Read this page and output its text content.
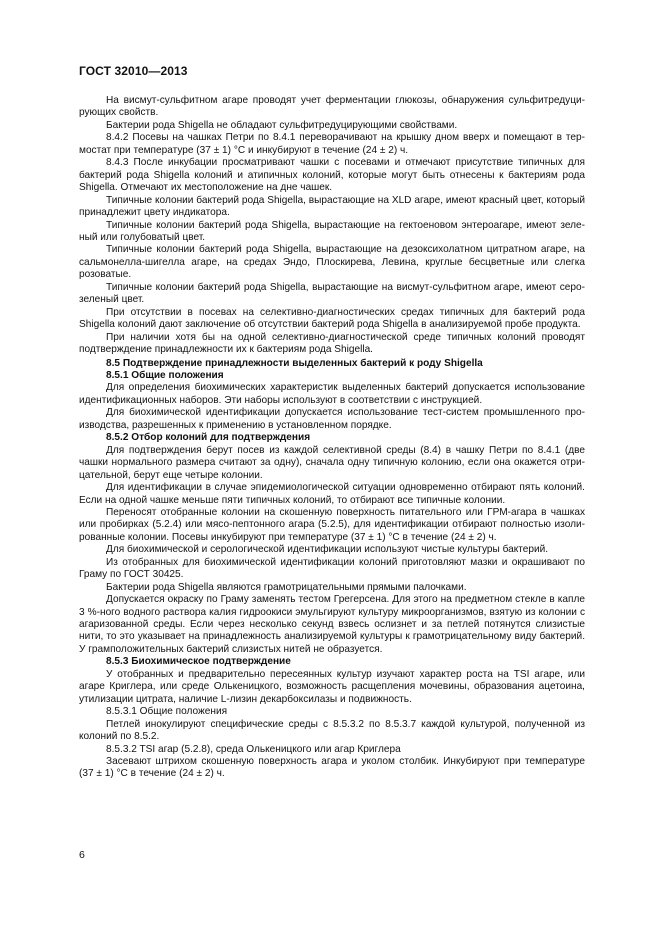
ГОСТ 32010—2013

На висмут-сульфитном агаре проводят учет ферментации глюкозы, обнаружения сульфитредуцирующих свойств.

Бактерии рода Shigella не обладают сульфитредуцирующими свойствами.

8.4.2 Посевы на чашках Петри по 8.4.1 переворачивают на крышку дном вверх и помещают в термостат при температуре (37 ± 1) °С и инкубируют в течение (24 ± 2) ч.

8.4.3 После инкубации просматривают чашки с посевами и отмечают присутствие типичных для бактерий рода Shigella колоний и атипичных колоний, которые могут быть отнесены к бактериям рода Shigella. Отмечают их местоположение на дне чашек.

Типичные колонии бактерий рода Shigella, вырастающие на XLD агаре, имеют красный цвет, который принадлежит цвету индикатора.

Типичные колонии бактерий рода Shigella, вырастающие на гектоеновом энтероагаре, имеют зеленый или голубоватый цвет.

Типичные колонии бактерий рода Shigella, вырастающие на дезоксихолатном цитратном агаре, на сальмонелла-шигелла агаре, на средах Эндо, Плоскирева, Левина, круглые бесцветные или слегка розоватые.

Типичные колонии бактерий рода Shigella, вырастающие на висмут-сульфитном агаре, имеют серо-зеленый цвет.

При отсутствии в посевах на селективно-диагностических средах типичных для бактерий рода Shigella колоний дают заключение об отсутствии бактерий рода Shigella в анализируемой пробе продукта.

При наличии хотя бы на одной селективно-диагностической среде типичных колоний проводят подтверждение принадлежности их к бактериям рода Shigella.

8.5 Подтверждение принадлежности выделенных бактерий к роду Shigella

8.5.1 Общие положения

Для определения биохимических характеристик выделенных бактерий допускается использование идентификационных наборов. Эти наборы используют в соответствии с инструкцией.

Для биохимической идентификации допускается использование тест-систем промышленного производства, разрешенных к применению в установленном порядке.

8.5.2 Отбор колоний для подтверждения

Для подтверждения берут посев из каждой селективной среды (8.4) в чашку Петри по 8.4.1 (две чашки нормального размера считают за одну), сначала одну типичную колонию, если она окажется отрицательной, берут еще четыре колонии.

Для идентификации в случае эпидемиологической ситуации одновременно отбирают пять колоний. Если на одной чашке меньше пяти типичных колоний, то отбирают все типичные колонии.

Переносят отобранные колонии на скошенную поверхность питательного или ГРМ-агара в чашках или пробирках (5.2.4) или мясо-пептонного агара (5.2.5), для идентификации отбирают полностью изолированные колонии. Посевы инкубируют при температуре (37 ± 1) °С в течение (24 ± 2) ч.

Для биохимической и серологической идентификации используют чистые культуры бактерий.

Из отобранных для биохимической идентификации колоний приготовляют мазки и окрашивают по Граму по ГОСТ 30425.

Бактерии рода Shigella являются грамотрицательными прямыми палочками.

Допускается окраску по Граму заменять тестом Грегерсена. Для этого на предметном стекле в капле 3 %-ного водного раствора калия гидроокиси эмульгируют культуру микроорганизмов, взятую из колонии с агаризованной среды. Если через несколько секунд взвесь ослизнет и за петлей потянутся слизистые нити, то это указывает на принадлежность анализируемой культуры к грамотрицательному виду бактерий. У грамположительных бактерий слизистых нитей не образуется.

8.5.3 Биохимическое подтверждение

У отобранных и предварительно пересеянных культур изучают характер роста на TSI агаре, или агаре Криглера, или среде Олькеницкого, возможность расщепления мочевины, образования ацетоина, утилизации цитрата, наличие L-лизин декарбоксилазы и подвижность.

8.5.3.1 Общие положения

Петлей инокулируют специфические среды с 8.5.3.2 по 8.5.3.7 каждой культурой, полученной из колоний по 8.5.2.

8.5.3.2 TSI агар (5.2.8), среда Олькеницкого или агар Криглера

Засевают штрихом скошенную поверхность агара и уколом столбик. Инкубируют при температуре (37 ± 1) °С в течение (24 ± 2) ч.

6
